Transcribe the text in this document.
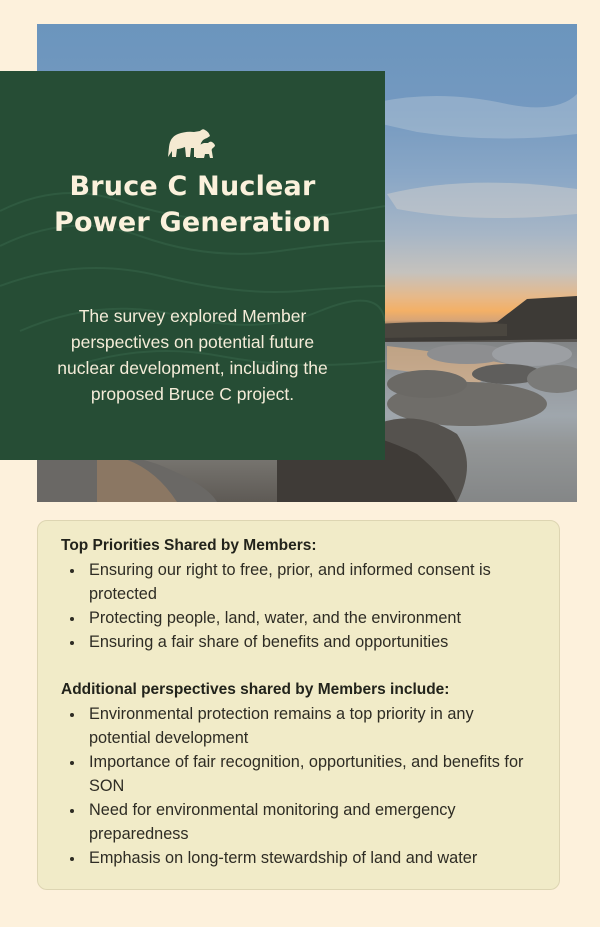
Bruce C Nuclear
Power Generation

The survey explored Member perspectives on potential future nuclear development, including the proposed Bruce C project.

Top Priorities Shared by Members:
Ensuring our right to free, prior, and informed consent is protected
Protecting people, land, water, and the environment
Ensuring a fair share of benefits and opportunities
Additional perspectives shared by Members include:
Environmental protection remains a top priority in any potential development
Importance of fair recognition, opportunities, and benefits for SON
Need for environmental monitoring and emergency preparedness
Emphasis on long-term stewardship of land and water
